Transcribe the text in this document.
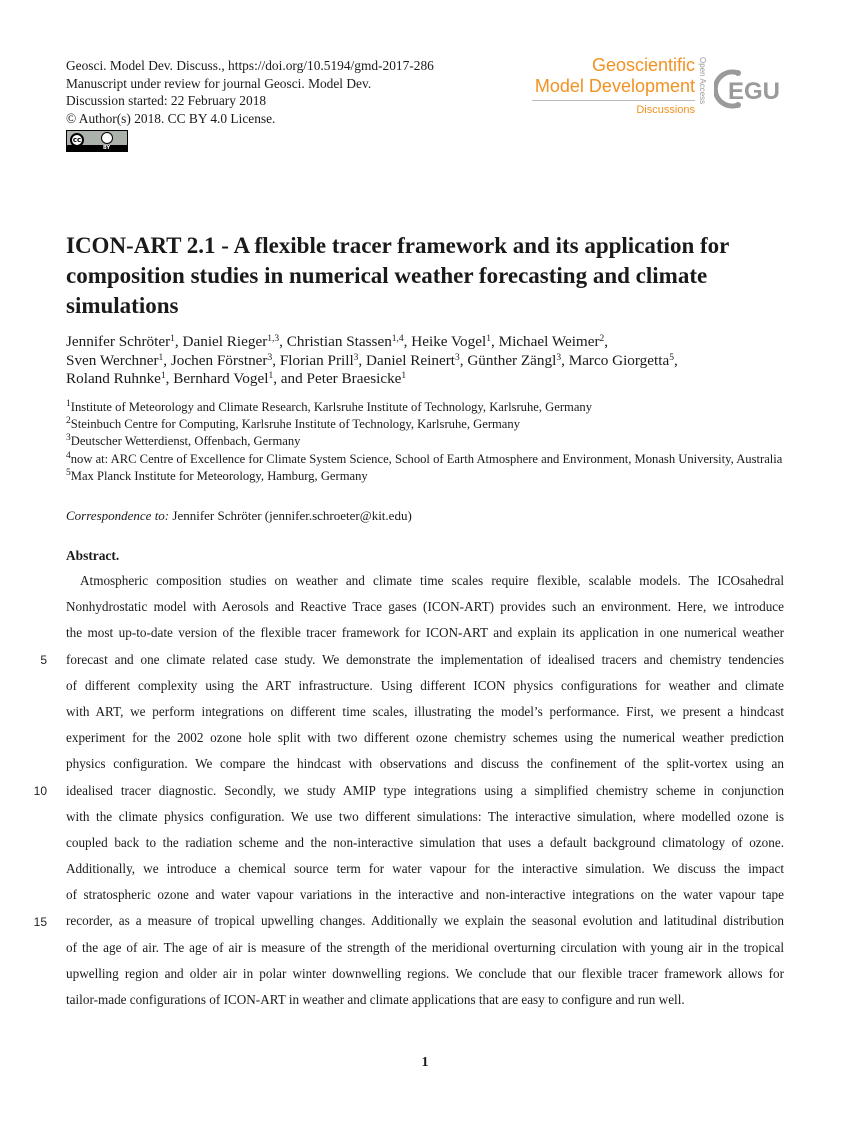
Geosci. Model Dev. Discuss., https://doi.org/10.5194/gmd-2017-286
Manuscript under review for journal Geosci. Model Dev.
Discussion started: 22 February 2018
© Author(s) 2018. CC BY 4.0 License.
cc
BY
Geoscientific
Model Development
Discussions
Open Access EGU
ICON-ART 2.1 - A flexible tracer framework and its application for composition studies in numerical weather forecasting and climate simulations
Jennifer Schröter$^1$, Daniel Rieger$^{1,3}$, Christian Stassen$^{1,4}$, Heike Vogel$^1$, Michael Weimer$^2$,
Sven Werchner$^1$, Jochen Förstner$^3$, Florian Prill$^3$, Daniel Reinert$^3$, Günther Zängl$^3$, Marco Giorgetta$^5$,
Roland Ruhnke$^1$, Bernhard Vogel$^1$, and Peter Braesicke$^1$
$^1$Institute of Meteorology and Climate Research, Karlsruhe Institute of Technology, Karlsruhe, Germany
$^2$Steinbuch Centre for Computing, Karlsruhe Institute of Technology, Karlsruhe, Germany
$^3$Deutscher Wetterdienst, Offenbach, Germany
$^4$now at: ARC Centre of Excellence for Climate System Science, School of Earth Atmosphere and Environment, Monash University, Australia
$^5$Max Planck Institute for Meteorology, Hamburg, Germany
Correspondence to: Jennifer Schröter (jennifer.schroeter@kit.edu)
Abstract.
Atmospheric composition studies on weather and climate time scales require flexible, scalable models. The ICOsahedral
Nonhydrostatic model with Aerosols and Reactive Trace gases (ICON-ART) provides such an environment. Here, we introduce
the most up-to-date version of the flexible tracer framework for ICON-ART and explain its application in one numerical weather
forecast and one climate related case study. We demonstrate the implementation of idealised tracers and chemistry tendencies
of different complexity using the ART infrastructure. Using different ICON physics configurations for weather and climate
with ART, we perform integrations on different time scales, illustrating the model’s performance. First, we present a hindcast
experiment for the 2002 ozone hole split with two different ozone chemistry schemes using the numerical weather prediction
physics configuration. We compare the hindcast with observations and discuss the confinement of the split-vortex using an
idealised tracer diagnostic. Secondly, we study AMIP type integrations using a simplified chemistry scheme in conjunction
with the climate physics configuration. We use two different simulations: The interactive simulation, where modelled ozone is
coupled back to the radiation scheme and the non-interactive simulation that uses a default background climatology of ozone.
Additionally, we introduce a chemical source term for water vapour for the interactive simulation. We discuss the impact
of stratospheric ozone and water vapour variations in the interactive and non-interactive integrations on the water vapour tape
recorder, as a measure of tropical upwelling changes. Additionally we explain the seasonal evolution and latitudinal distribution
of the age of air. The age of air is measure of the strength of the meridional overturning circulation with young air in the tropical
upwelling region and older air in polar winter downwelling regions. We conclude that our flexible tracer framework allows for
tailor-made configurations of ICON-ART in weather and climate applications that are easy to configure and run well.
5
10
15
1
